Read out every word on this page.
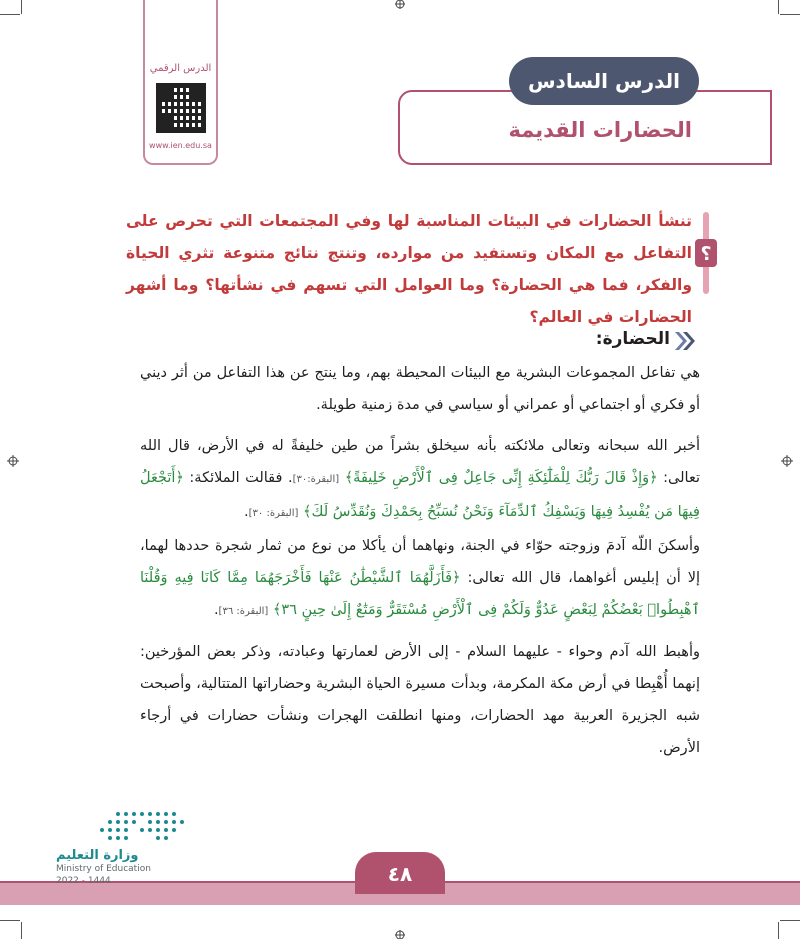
الدرس الرقمي
www.ien.edu.sa
الحضارات القديمة
الدرس السادس
؟

تنشأ الحضارات في البيئات المناسبة لها وفي المجتمعات التي تحرص على التفاعل مع المكان وتستفيد من موارده، وتنتج نتائج متنوعة تثري الحياة والفكر، فما هي الحضارة؟ وما العوامل التي تسهم في نشأتها؟ وما أشهر الحضارات في العالم؟

الحضارة:

هي تفاعل المجموعات البشرية مع البيئات المحيطة بهم، وما ينتج عن هذا التفاعل من أثر ديني أو فكري أو اجتماعي أو عمراني أو سياسي في مدة زمنية طويلة.

أخبر الله سبحانه وتعالى ملائكته بأنه سيخلق بشراً من طين خليفةً له في الأرض، قال الله تعالى: ﴿وَإِذْ قَالَ رَبُّكَ لِلْمَلَٰٓئِكَةِ إِنِّى جَاعِلٌ فِى ٱلْأَرْضِ خَلِيفَةً﴾ [البقرة:٣٠]. فقالت الملائكة: ﴿أَتَجْعَلُ فِيهَا مَن يُفْسِدُ فِيهَا وَيَسْفِكُ ٱلدِّمَآءَ وَنَحْنُ نُسَبِّحُ بِحَمْدِكَ وَنُقَدِّسُ لَكَ﴾ [البقرة: ٣٠].

وأسكنَ اللّه آدمَ وزوجته حوّاء في الجنة، ونهاهما أن يأكلا من نوع من ثمار شجرة حددها لهما، إلا أن إبليس أغواهما، قال الله تعالى: ﴿فَأَزَلَّهُمَا ٱلشَّيْطَٰنُ عَنْهَا فَأَخْرَجَهُمَا مِمَّا كَانَا فِيهِ وَقُلْنَا ٱهْبِطُوا۟ بَعْضُكُمْ لِبَعْضٍ عَدُوٌّ وَلَكُمْ فِى ٱلْأَرْضِ مُسْتَقَرٌّ وَمَتَٰعٌ إِلَىٰ حِينٍ ٣٦﴾ [البقرة: ٣٦].

وأهبط الله آدم وحواء - عليهما السلام - إلى الأرض لعمارتها وعبادته، وذكر بعض المؤرخين: إنهما أُهْبِطا في أرض مكة المكرمة، وبدأت مسيرة الحياة البشرية وحضاراتها المتتالية، وأصبحت شبه الجزيرة العربية مهد الحضارات، ومنها انطلقت الهجرات ونشأت حضارات في أرجاء الأرض.

٤٨
وزارة التعليم
Ministry of Education
2022 - 1444
